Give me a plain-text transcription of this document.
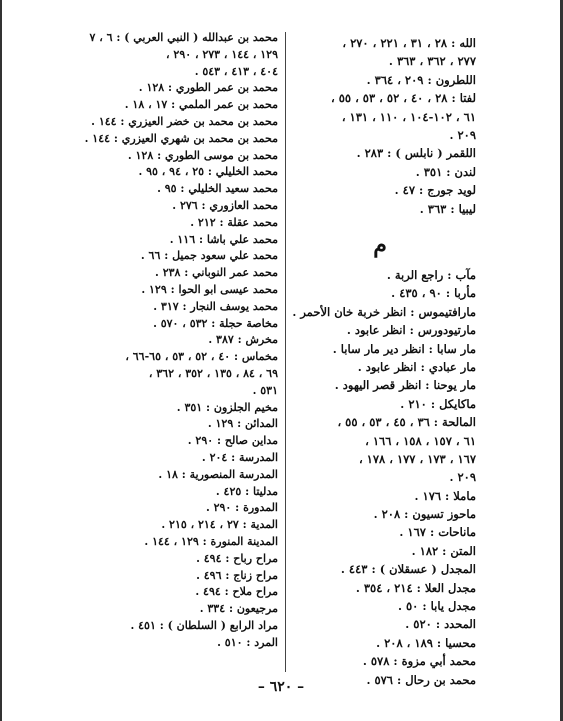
الله : ٢٨ ، ٣١ ، ٢٢١ ، ٢٧٠ ،
٢٧٧ ، ٣٦٢ ، ٣٦٣ .
اللطرون : ٢٠٩ ، ٣٦٤ .
لفتا : ٢٨ ، ٤٠ ، ٥٢ ، ٥٣ ، ٥٥ ،
٦١ ، ١٠٢-١٠٤ ، ١١٠ ، ١٣١ ،
٢٠٩ .
اللقمر ( نابلس ) : ٢٨٣ .
لندن : ٣٥١ .
لويد جورج : ٤٧ .
ليبيا : ٣٦٣ .
م
مآب : راجع الربة .
مأربا : ٩٠ ، ٤٣٥ .
مارافتيموس : انظر خربة خان الأحمر .
مارتيودورس : انظر عابود .
مار سابا : انظر دير مار سابا .
مار عبادي : انظر عابود .
مار يوحنا : انظر قصر اليهود .
ماكايكل : ٢١٠ .
المالحة : ٣٦ ، ٤٥ ، ٥٣ ، ٥٥ ،
٦١ ، ١٥٧ ، ١٥٨ ، ١٦٦ ،
١٦٧ ، ١٧٣ ، ١٧٧ ، ١٧٨ ،
٢٠٩ .
ماملا : ١٧٦ .
ماحوز تسيون : ٢٠٨ .
ماناحات : ١٦٧ .
المتن : ١٨٢ .
المجدل ( عسقلان ) : ٤٤٣ .
مجدل العلا : ٢١٤ ، ٣٥٤ .
مجدل يابا : ٥٠ .
المحدد : ٥٢٠ .
محسيا : ١٨٩ ، ٢٠٨ .
محمد أبي مزوة : ٥٧٨ .
محمد بن رحال : ٥٧٦ .
محمد بن عبدالله ( النبي العربي ) : ٦ ، ٧
١٢٩ ، ١٤٤ ، ٢٧٣ ، ٢٩٠ ،
٤٠٤ ، ٤١٣ ، ٥٤٣ .
محمد بن عمر الطوري : ١٢٨ .
محمد بن عمر الملمي : ١٧ ، ١٨ .
محمد بن محمد بن خضر العيزري : ١٤٤ .
محمد بن محمد بن شهري العيزري : ١٤٤ .
محمد بن موسى الطوري : ١٢٨ .
محمد الخليلي : ٢٥ ، ٩٤ ، ٩٥ .
محمد سعيد الخليلي : ٩٥ .
محمد العازوري : ٢٧٦ .
محمد عقلة : ٢١٢ .
محمد علي باشا : ١١٦ .
محمد علي سعود جميل : ٦٦ .
محمد عمر النوباني : ٢٣٨ .
محمد عيسى ابو الحوا : ١٢٩ .
محمد يوسف النجار : ٣١٧ .
مخاصة حجلة : ٥٣٢ ، ٥٧٠ .
مخرش : ٣٨٧ .
مخماس : ٤٠ ، ٥٢ ، ٥٣ ، ٦٥-٦٦ ،
٦٩ ، ٨٤ ، ١٣٥ ، ٣٥٢ ، ٣٦٢ ،
٥٣١ .
مخيم الجلزون : ٣٥١ .
المدائن : ١٢٩ .
مداين صالح : ٢٩٠ .
المدرسة : ٢٠٤ .
المدرسة المنصورية : ١٨ .
مدليتا : ٤٢٥ .
المدورة : ٢٩٠ .
المدية : ٢٧ ، ٢١٤ ، ٢١٥ .
المدينة المنورة : ١٢٩ ، ١٤٤ .
مراح رباح : ٤٩٤ .
مراح زناج : ٤٩٦ .
مراح ملاح : ٤٩٤ .
مرجيعون : ٣٣٤ .
مراد الرابع ( السلطان ) : ٤٥١ .
المرد : ٥١٠ .
– ٦٢٠ –
